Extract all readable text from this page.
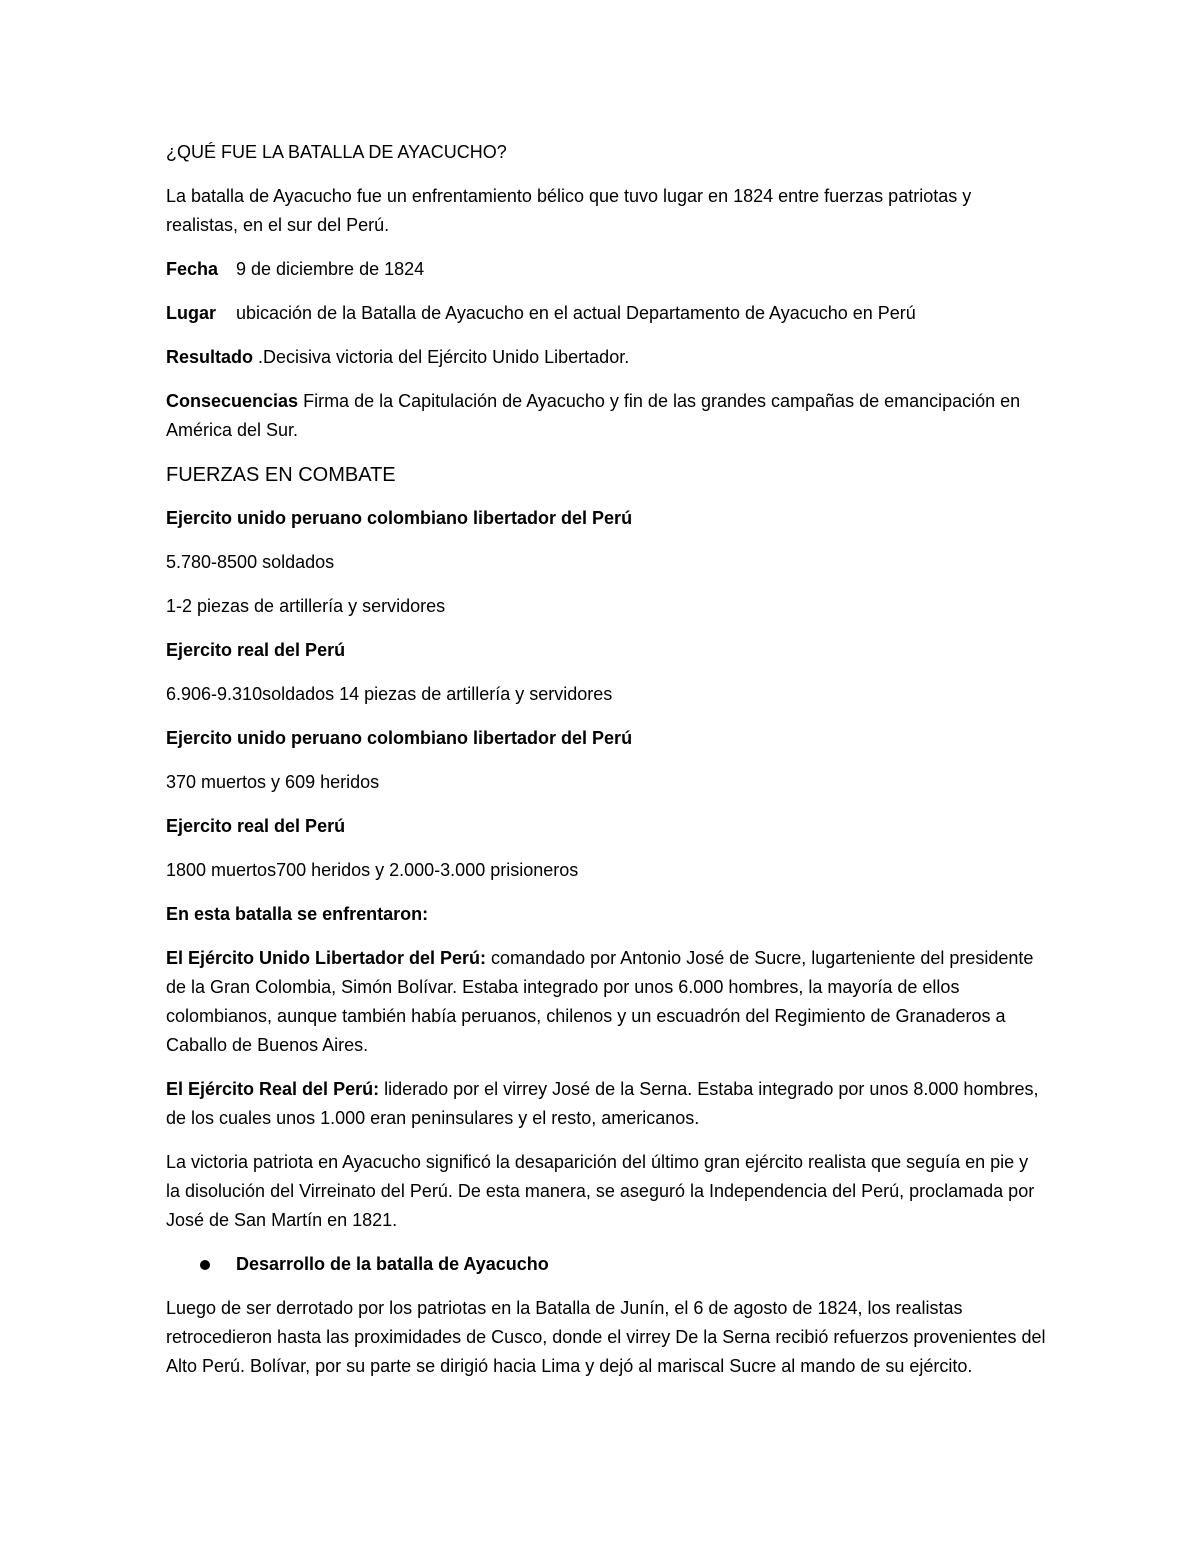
¿QUÉ FUE LA BATALLA DE AYACUCHO?

La batalla de Ayacucho fue un enfrentamiento bélico que tuvo lugar en 1824 entre fuerzas patriotas y realistas, en el sur del Perú.

Fecha 9 de diciembre de 1824

Lugar ubicación de la Batalla de Ayacucho en el actual Departamento de Ayacucho en Perú

Resultado .Decisiva victoria del Ejército Unido Libertador.

Consecuencias Firma de la Capitulación de Ayacucho y fin de las grandes campañas de emancipación en América del Sur.

FUERZAS EN COMBATE

Ejercito unido peruano colombiano libertador del Perú

5.780-8500 soldados

1-2 piezas de artillería y servidores

Ejercito real del Perú

6.906-9.310soldados 14 piezas de artillería y servidores

Ejercito unido peruano colombiano libertador del Perú

370 muertos y 609 heridos

Ejercito real del Perú

1800 muertos700 heridos y 2.000-3.000 prisioneros

En esta batalla se enfrentaron:

El Ejército Unido Libertador del Perú: comandado por Antonio José de Sucre, lugarteniente del presidente de la Gran Colombia, Simón Bolívar. Estaba integrado por unos 6.000 hombres, la mayoría de ellos colombianos, aunque también había peruanos, chilenos y un escuadrón del Regimiento de Granaderos a Caballo de Buenos Aires.

El Ejército Real del Perú: liderado por el virrey José de la Serna. Estaba integrado por unos 8.000 hombres, de los cuales unos 1.000 eran peninsulares y el resto, americanos.

La victoria patriota en Ayacucho significó la desaparición del último gran ejército realista que seguía en pie y la disolución del Virreinato del Perú. De esta manera, se aseguró la Independencia del Perú, proclamada por José de San Martín en 1821.

Desarrollo de la batalla de Ayacucho

Luego de ser derrotado por los patriotas en la Batalla de Junín, el 6 de agosto de 1824, los realistas retrocedieron hasta las proximidades de Cusco, donde el virrey De la Serna recibió refuerzos provenientes del Alto Perú. Bolívar, por su parte se dirigió hacia Lima y dejó al mariscal Sucre al mando de su ejército.
